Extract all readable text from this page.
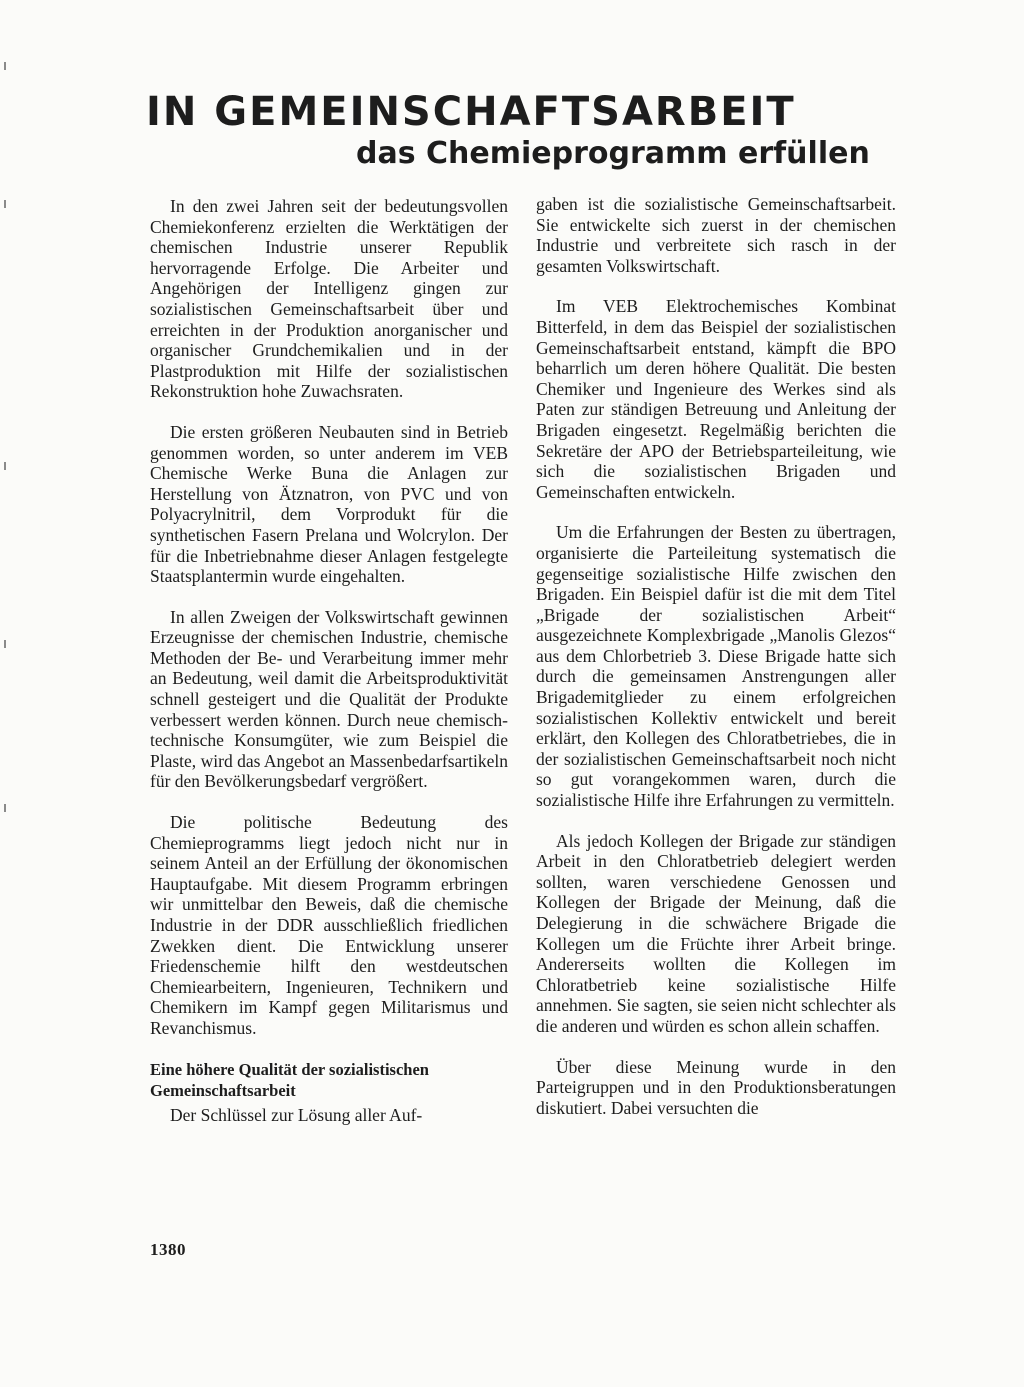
IN GEMEINSCHAFTSARBEIT
das Chemieprogramm erfüllen

In den zwei Jahren seit der bedeutungsvollen Chemiekonferenz erzielten die Werktätigen der chemischen Industrie unserer Republik hervorragende Erfolge. Die Arbeiter und Angehörigen der Intelligenz gingen zur sozialistischen Gemeinschaftsarbeit über und erreichten in der Produktion anorganischer und organischer Grundchemikalien und in der Plastproduktion mit Hilfe der sozialistischen Rekonstruktion hohe Zuwachsraten.

Die ersten größeren Neubauten sind in Betrieb genommen worden, so unter anderem im VEB Chemische Werke Buna die Anlagen zur Herstellung von Ätznatron, von PVC und von Polyacrylnitril, dem Vorprodukt für die synthetischen Fasern Prelana und Wolcrylon. Der für die Inbetriebnahme dieser Anlagen festgelegte Staatsplantermin wurde eingehalten.

In allen Zweigen der Volkswirtschaft gewinnen Erzeugnisse der chemischen Industrie, chemische Methoden der Be- und Verarbeitung immer mehr an Bedeutung, weil damit die Arbeitsproduktivität schnell gesteigert und die Qualität der Produkte verbessert werden können. Durch neue chemisch-technische Konsumgüter, wie zum Beispiel die Plaste, wird das Angebot an Massenbedarfsartikeln für den Bevölkerungsbedarf vergrößert.

Die politische Bedeutung des Chemieprogramms liegt jedoch nicht nur in seinem Anteil an der Erfüllung der ökonomischen Hauptaufgabe. Mit diesem Programm erbringen wir unmittelbar den Beweis, daß die chemische Industrie in der DDR ausschließlich friedlichen Zwekken dient. Die Entwicklung unserer Friedenschemie hilft den westdeutschen Chemiearbeitern, Ingenieuren, Technikern und Chemikern im Kampf gegen Militarismus und Revanchismus.

Eine höhere Qualität der sozialistischen Gemeinschaftsarbeit

Der Schlüssel zur Lösung aller Auf-

gaben ist die sozialistische Gemeinschaftsarbeit. Sie entwickelte sich zuerst in der chemischen Industrie und verbreitete sich rasch in der gesamten Volkswirtschaft.

Im VEB Elektrochemisches Kombinat Bitterfeld, in dem das Beispiel der sozialistischen Gemeinschaftsarbeit entstand, kämpft die BPO beharrlich um deren höhere Qualität. Die besten Chemiker und Ingenieure des Werkes sind als Paten zur ständigen Betreuung und Anleitung der Brigaden eingesetzt. Regelmäßig berichten die Sekretäre der APO der Betriebsparteileitung, wie sich die sozialistischen Brigaden und Gemeinschaften entwickeln.

Um die Erfahrungen der Besten zu übertragen, organisierte die Parteileitung systematisch die gegenseitige sozialistische Hilfe zwischen den Brigaden. Ein Beispiel dafür ist die mit dem Titel „Brigade der sozialistischen Arbeit“ ausgezeichnete Komplexbrigade „Manolis Glezos“ aus dem Chlorbetrieb 3. Diese Brigade hatte sich durch die gemeinsamen Anstrengungen aller Brigademitglieder zu einem erfolgreichen sozialistischen Kollektiv entwickelt und bereit erklärt, den Kollegen des Chloratbetriebes, die in der sozialistischen Gemeinschaftsarbeit noch nicht so gut vorangekommen waren, durch die sozialistische Hilfe ihre Erfahrungen zu vermitteln.

Als jedoch Kollegen der Brigade zur ständigen Arbeit in den Chloratbetrieb delegiert werden sollten, waren verschiedene Genossen und Kollegen der Brigade der Meinung, daß die Delegierung in die schwächere Brigade die Kollegen um die Früchte ihrer Arbeit bringe. Andererseits wollten die Kollegen im Chloratbetrieb keine sozialistische Hilfe annehmen. Sie sagten, sie seien nicht schlechter als die anderen und würden es schon allein schaffen.

Über diese Meinung wurde in den Parteigruppen und in den Produktionsberatungen diskutiert. Dabei versuchten die

1380
